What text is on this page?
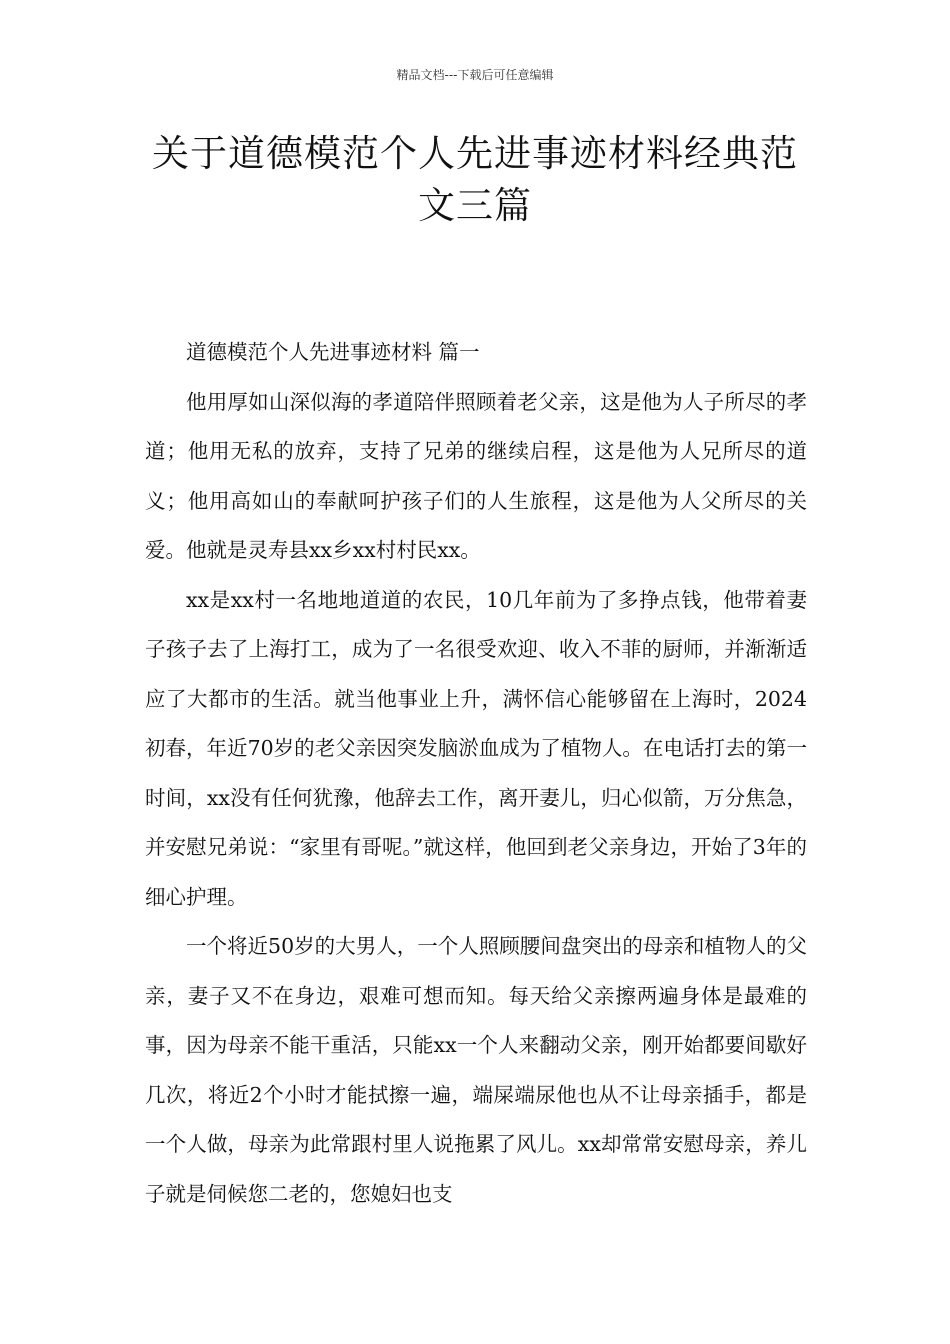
精品文档---下载后可任意编辑
关于道德模范个人先进事迹材料经典范文三篇

道德模范个人先进事迹材料 篇一

他用厚如山深似海的孝道陪伴照顾着老父亲，这是他为人子所尽的孝道；他用无私的放弃，支持了兄弟的继续启程，这是他为人兄所尽的道义；他用高如山的奉献呵护孩子们的人生旅程，这是他为人父所尽的关爱。他就是灵寿县xx乡xx村村民xx。

xx是xx村一名地地道道的农民，10几年前为了多挣点钱，他带着妻子孩子去了上海打工，成为了一名很受欢迎、收入不菲的厨师，并渐渐适应了大都市的生活。就当他事业上升，满怀信心能够留在上海时，2024初春，年近70岁的老父亲因突发脑淤血成为了植物人。在电话打去的第一时间，xx没有任何犹豫，他辞去工作，离开妻儿，归心似箭，万分焦急，并安慰兄弟说：“家里有哥呢。”就这样，他回到老父亲身边，开始了3年的细心护理。

一个将近50岁的大男人，一个人照顾腰间盘突出的母亲和植物人的父亲，妻子又不在身边，艰难可想而知。每天给父亲擦两遍身体是最难的事，因为母亲不能干重活，只能xx一个人来翻动父亲，刚开始都要间歇好几次，将近2个小时才能拭擦一遍，端屎端尿他也从不让母亲插手，都是一个人做，母亲为此常跟村里人说拖累了风儿。xx却常常安慰母亲，养儿子就是伺候您二老的，您媳妇也支
